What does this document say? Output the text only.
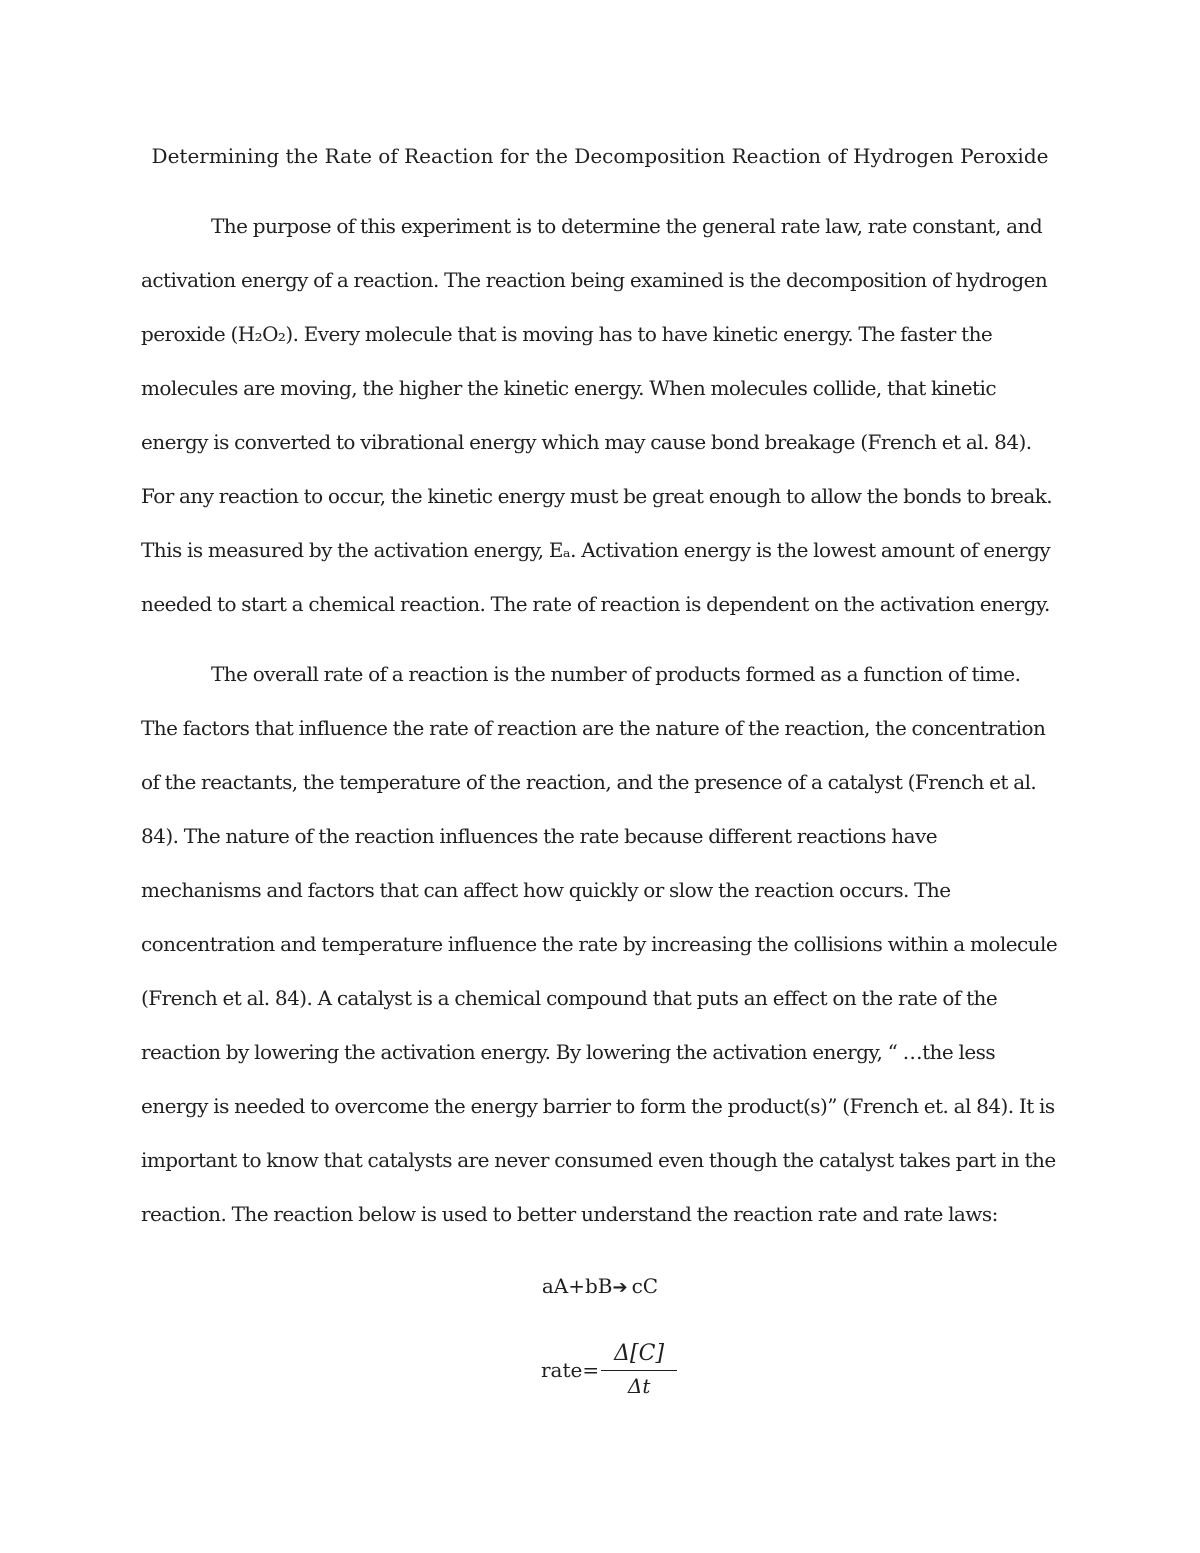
Determining the Rate of Reaction for the Decomposition Reaction of Hydrogen Peroxide

The purpose of this experiment is to determine the general rate law, rate constant, and activation energy of a reaction. The reaction being examined is the decomposition of hydrogen peroxide (H₂O₂). Every molecule that is moving has to have kinetic energy. The faster the molecules are moving, the higher the kinetic energy. When molecules collide, that kinetic energy is converted to vibrational energy which may cause bond breakage (French et al. 84). For any reaction to occur, the kinetic energy must be great enough to allow the bonds to break. This is measured by the activation energy, Eₐ. Activation energy is the lowest amount of energy needed to start a chemical reaction. The rate of reaction is dependent on the activation energy.

The overall rate of a reaction is the number of products formed as a function of time. The factors that influence the rate of reaction are the nature of the reaction, the concentration of the reactants, the temperature of the reaction, and the presence of a catalyst (French et al. 84). The nature of the reaction influences the rate because different reactions have mechanisms and factors that can affect how quickly or slow the reaction occurs. The concentration and temperature influence the rate by increasing the collisions within a molecule (French et al. 84). A catalyst is a chemical compound that puts an effect on the rate of the reaction by lowering the activation energy. By lowering the activation energy, “ …the less energy is needed to overcome the energy barrier to form the product(s)” (French et. al 84). It is important to know that catalysts are never consumed even though the catalyst takes part in the reaction. The reaction below is used to better understand the reaction rate and rate laws:

aA+bB➔ cC
rate= $\frac{\Delta[C]}{\Delta t}$
